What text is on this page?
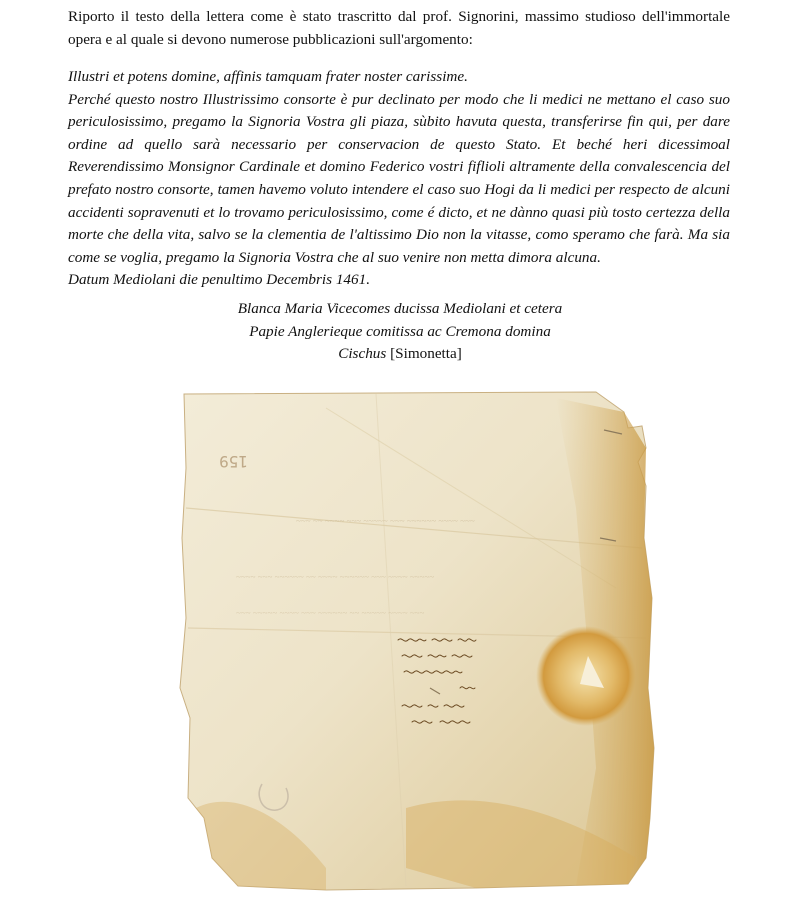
Riporto il testo della lettera come è stato trascritto dal prof. Signorini, massimo studioso dell'immortale opera e al quale si devono numerose pubblicazioni sull'argomento:

Illustri et potens domine, affinis tamquam frater noster carissime.

Perché questo nostro Illustrissimo consorte è pur declinato per modo che li medici ne mettano el caso suo periculosissimo, pregamo la Signoria Vostra gli piaza, sùbito havuta questa, transferirse fin qui, per dare ordine ad quello sarà necessario per conservacion de questo Stato. Et beché heri dicessimoal Reverendissimo Monsignor Cardinale et domino Federico vostri fiflioli altramente della convalescencia del prefato nostro consorte, tamen havemo voluto intendere el caso suo Hogi da li medici per respecto de alcuni accidenti sopravenuti et lo trovamo periculosissimo, come é dicto, et ne dànno quasi più tosto certezza della morte che della vita, salvo se la clementia de l'altissimo Dio non la vitasse, como speramo che farà. Ma sia come se voglia, pregamo la Signoria Vostra che al suo venire non metta dimora alcuna.

Datum Mediolani die penultimo Decembris 1461.

Blanca Maria Vicecomes ducissa Mediolani et cetera
Papie Anglerieque comitissa ac Cremona domina
Cischus [Simonetta]
159
~~~ ~~ ~~~~ ~~~ ~~~~~ ~~~ ~~~~~~ ~~~~ ~~~
~~~~ ~~~ ~~~~~~ ~~ ~~~~ ~~~~~~ ~~~ ~~~~ ~~~~~
~~~ ~~~~~ ~~~~ ~~~ ~~~~~~ ~~ ~~~~~ ~~~~ ~~~
